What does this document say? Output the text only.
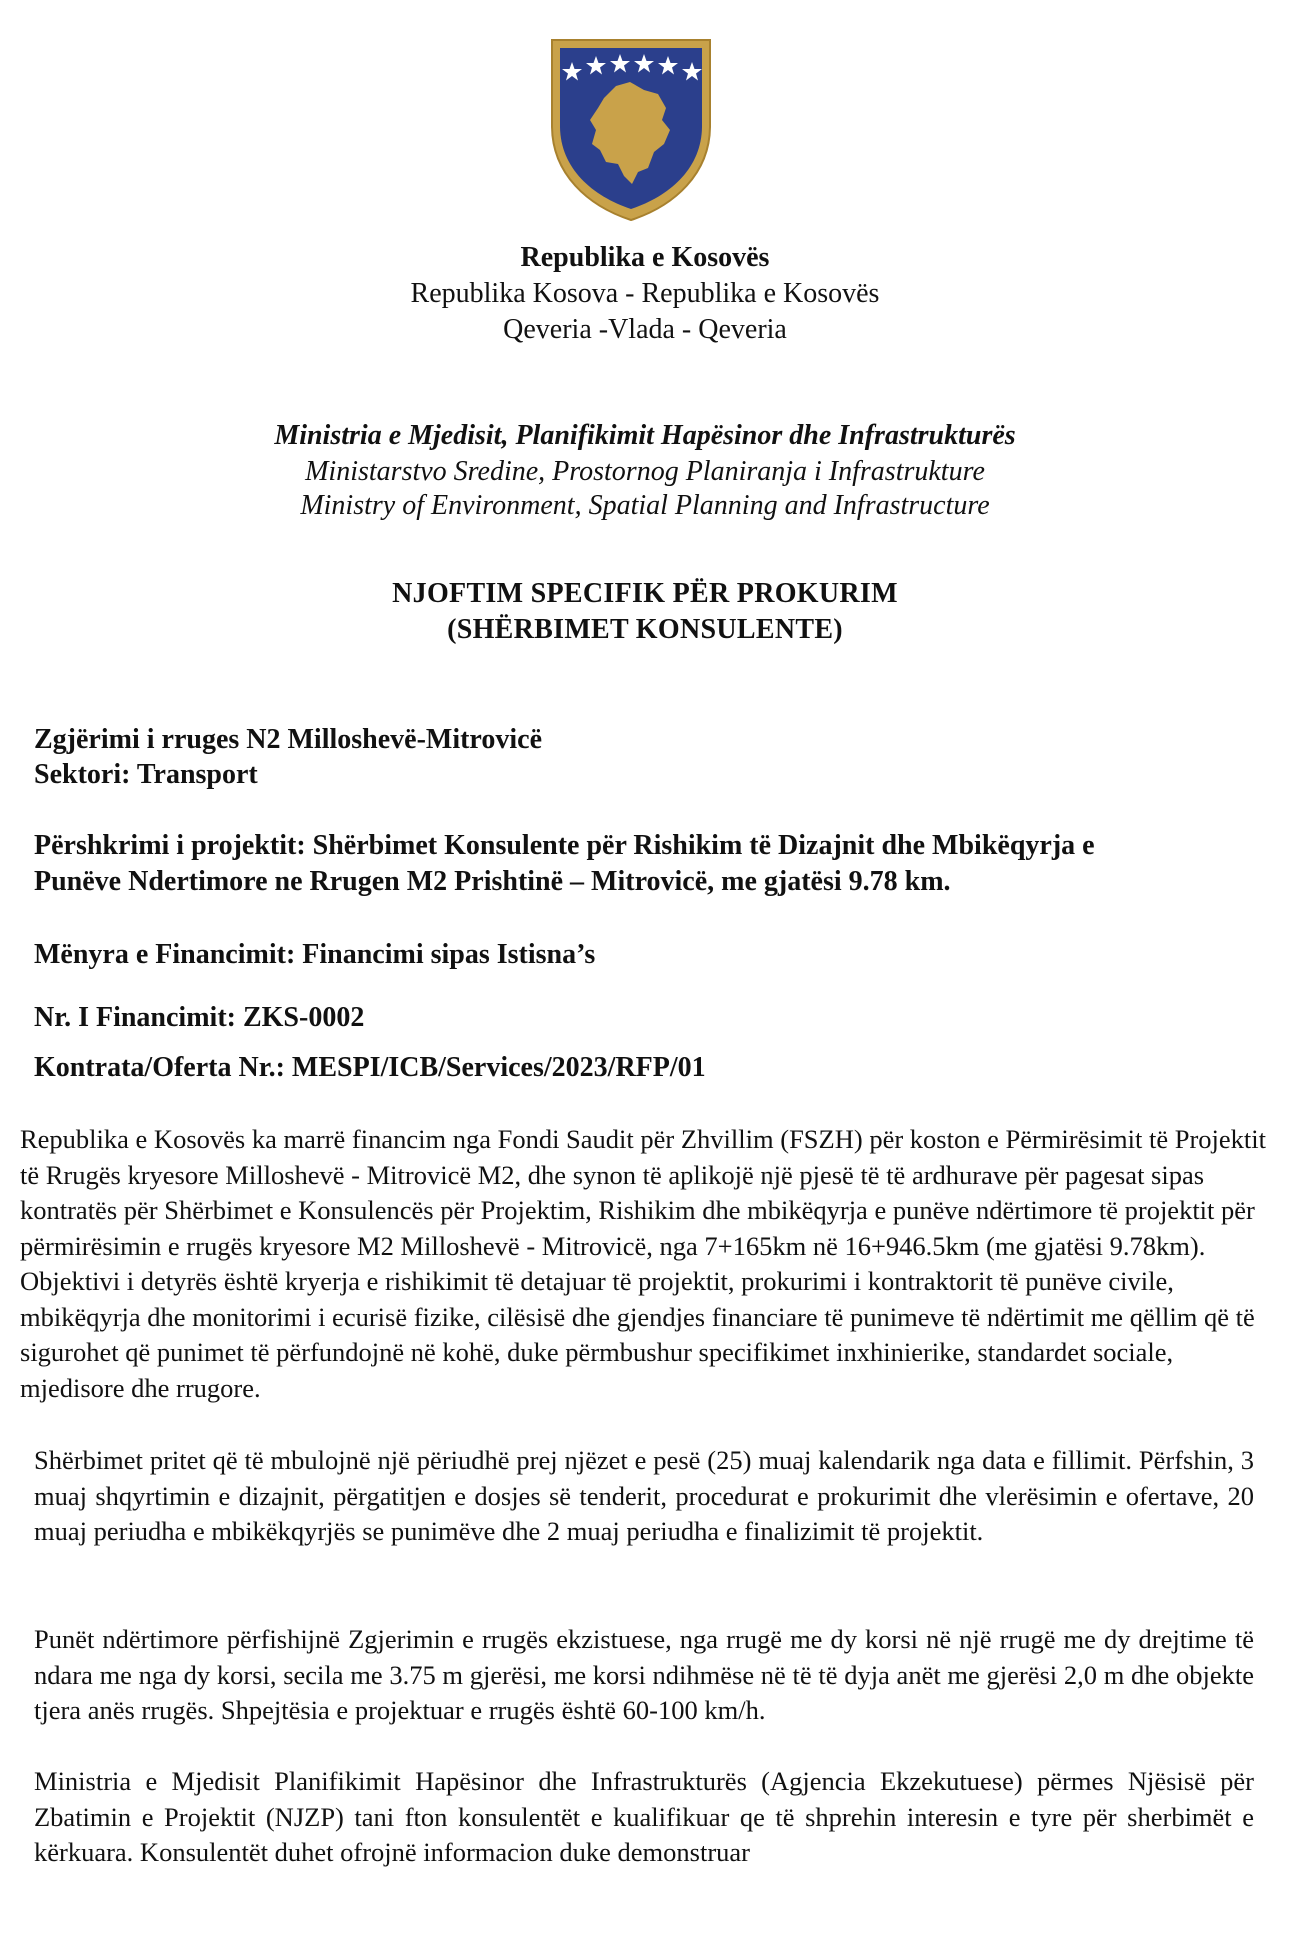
Republika e Kosovës
Republika Kosova - Republika e Kosovës
Qeveria -Vlada - Qeveria
Ministria e Mjedisit, Planifikimit Hapësinor dhe Infrastrukturës
Ministarstvo Sredine, Prostornog Planiranja i Infrastrukture
Ministry of Environment, Spatial Planning and Infrastructure
NJOFTIM SPECIFIK PËR PROKURIM
(SHËRBIMET KONSULENTE)
Zgjërimi i rruges N2 Milloshevë-Mitrovicë
Sektori: Transport
Përshkrimi i projektit: Shërbimet Konsulente për Rishikim të Dizajnit dhe Mbikëqyrja e
Punëve Ndertimore ne Rrugen M2 Prishtinë – Mitrovicë, me gjatësi 9.78 km.
Mënyra e Financimit: Financimi sipas Istisna’s
Nr. I Financimit: ZKS-0002
Kontrata/Oferta Nr.: MESPI/ICB/Services/2023/RFP/01
Republika e Kosovës ka marrë financim nga Fondi Saudit për Zhvillim (FSZH) për koston e Përmirësimit të Projektit të Rrugës kryesore Milloshevë - Mitrovicë M2, dhe synon të aplikojë një pjesë të të ardhurave për pagesat sipas kontratës për Shërbimet e Konsulencës për Projektim, Rishikim dhe mbikëqyrja e punëve ndërtimore të projektit për përmirësimin e rrugës kryesore M2 Milloshevë - Mitrovicë, nga 7+165km në 16+946.5km (me gjatësi 9.78km). Objektivi i detyrës është kryerja e rishikimit të detajuar të projektit, prokurimi i kontraktorit të punëve civile, mbikëqyrja dhe monitorimi i ecurisë fizike, cilësisë dhe gjendjes financiare të punimeve të ndërtimit me qëllim që të sigurohet që punimet të përfundojnë në kohë, duke përmbushur specifikimet inxhinierike, standardet sociale, mjedisore dhe rrugore.
Shërbimet pritet që të mbulojnë një përiudhë prej njëzet e pesë (25) muaj kalendarik nga data e fillimit. Përfshin, 3 muaj shqyrtimin e dizajnit, përgatitjen e dosjes së tenderit, procedurat e prokurimit dhe vlerësimin e ofertave, 20 muaj periudha e mbikëkqyrjës se punimëve dhe 2 muaj periudha e finalizimit të projektit.
Punët ndërtimore përfishijnë Zgjerimin e rrugës ekzistuese, nga rrugë me dy korsi në një rrugë me dy drejtime të ndara me nga dy korsi, secila me 3.75 m gjerësi, me korsi ndihmëse në të të dyja anët me gjerësi 2,0 m dhe objekte tjera anës rrugës. Shpejtësia e projektuar e rrugës është 60-100 km/h.
Ministria e Mjedisit Planifikimit Hapësinor dhe Infrastrukturës (Agjencia Ekzekutuese) përmes Njësisë për Zbatimin e Projektit (NJZP) tani fton konsulentët e kualifikuar qe të shprehin interesin e tyre për sherbimët e kërkuara. Konsulentët duhet ofrojnë informacion duke demonstruar
